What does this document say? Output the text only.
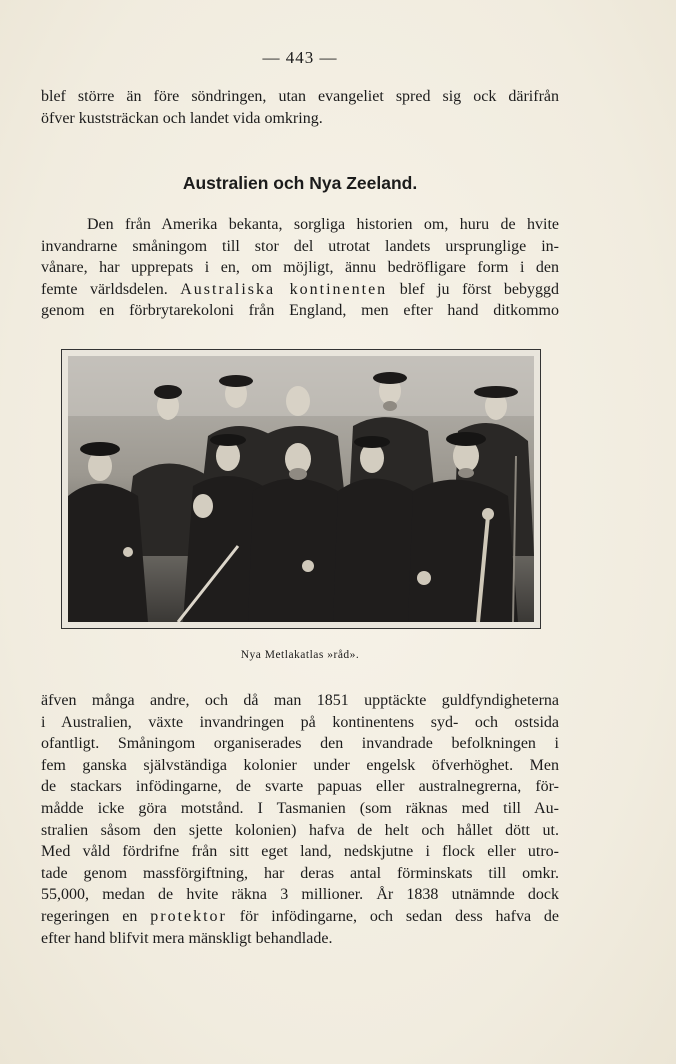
— 443 —
blef större än före söndringen, utan evangeliet spred sig ock därifrån
öfver kuststräckan och landet vida omkring.
Australien och Nya Zeeland.
Den från Amerika bekanta, sorgliga historien om, huru de hvite
invandrarne småningom till stor del utrotat landets ursprunglige in-
vånare, har upprepats i en, om möjligt, ännu bedröfligare form i den
femte världsdelen. Australiska kontinenten blef ju först bebyggd
genom en förbrytarekoloni från England, men efter hand ditkommo
Nya Metlakatlas »råd».
äfven många andre, och då man 1851 upptäckte guldfyndigheterna
i Australien, växte invandringen på kontinentens syd- och ostsida
ofantligt. Småningom organiserades den invandrade befolkningen i
fem ganska självständiga kolonier under engelsk öfverhöghet. Men
de stackars infödingarne, de svarte papuas eller australnegrerna, för-
mådde icke göra motstånd. I Tasmanien (som räknas med till Au-
stralien såsom den sjette kolonien) hafva de helt och hållet dött ut.
Med våld fördrifne från sitt eget land, nedskjutne i flock eller utro-
tade genom massförgiftning, har deras antal förminskats till omkr.
55,000, medan de hvite räkna 3 millioner. År 1838 utnämnde dock
regeringen en protektor för infödingarne, och sedan dess hafva de
efter hand blifvit mera mänskligt behandlade.
